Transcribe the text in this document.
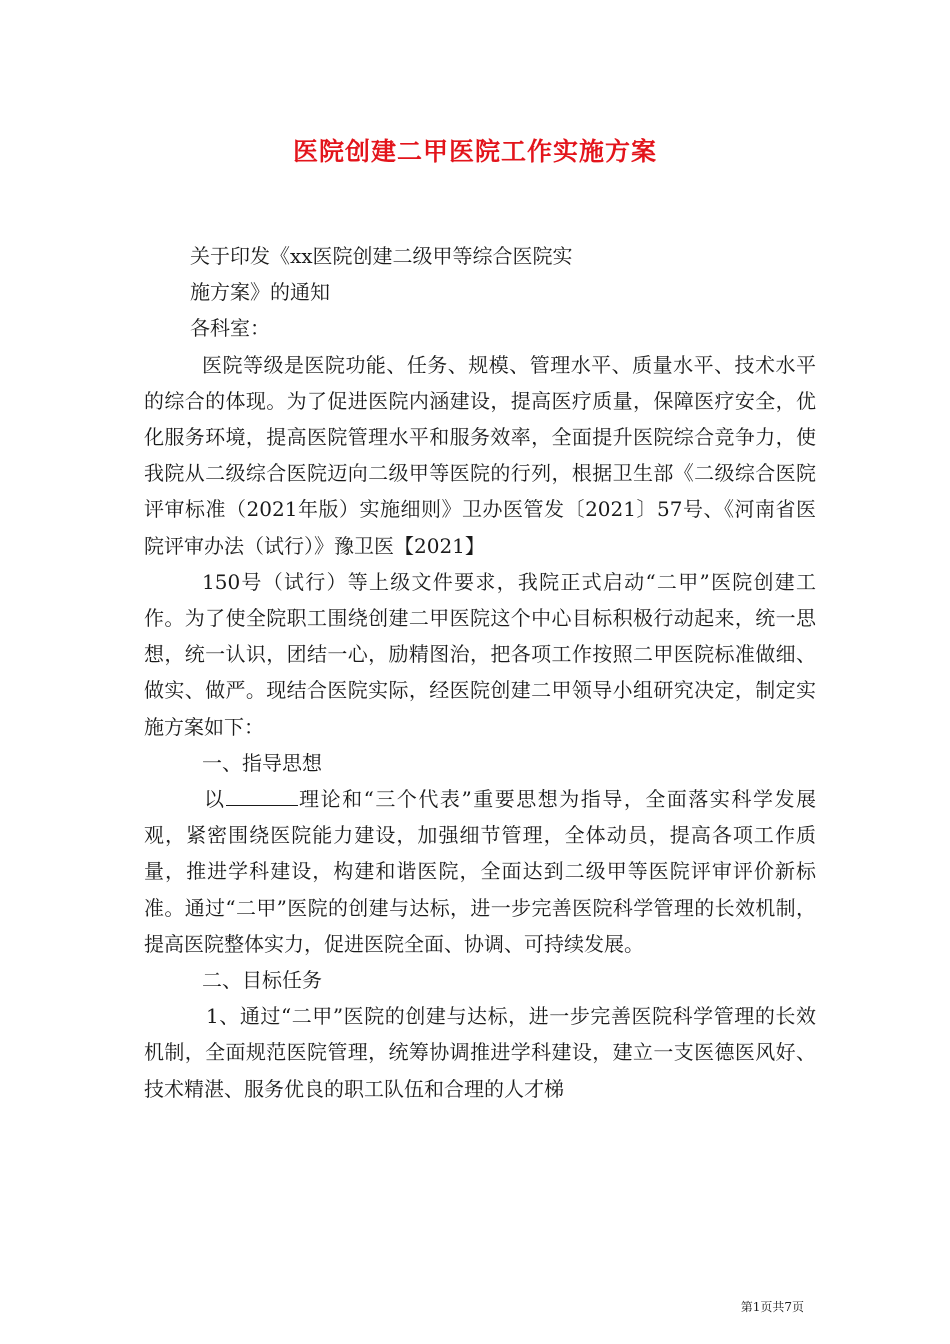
医院创建二甲医院工作实施方案

关于印发《xx医院创建二级甲等综合医院实

施方案》的通知

各科室：

医院等级是医院功能、任务、规模、管理水平、质量水平、技术水平的综合的体现。为了促进医院内涵建设，提高医疗质量，保障医疗安全，优化服务环境，提高医院管理水平和服务效率，全面提升医院综合竞争力，使我院从二级综合医院迈向二级甲等医院的行列，根据卫生部《二级综合医院评审标准（2021年版）实施细则》卫办医管发〔2021〕57号、《河南省医院评审办法（试行）》豫卫医【2021】

150号（试行）等上级文件要求，我院正式启动“二甲”医院创建工作。为了使全院职工围绕创建二甲医院这个中心目标积极行动起来，统一思想，统一认识，团结一心，励精图治，把各项工作按照二甲医院标准做细、做实、做严。现结合医院实际，经医院创建二甲领导小组研究决定，制定实施方案如下：

一、指导思想

以	理论和“三个代表”重要思想为指导，全面落实科学发展观，紧密围绕医院能力建设，加强细节管理，全体动员，提高各项工作质量，推进学科建设，构建和谐医院，全面达到二级甲等医院评审评价新标准。通过“二甲”医院的创建与达标，进一步完善医院科学管理的长效机制，提高医院整体实力，促进医院全面、协调、可持续发展。

二、目标任务

1、通过“二甲”医院的创建与达标，进一步完善医院科学管理的长效机制，全面规范医院管理，统筹协调推进学科建设，建立一支医德医风好、技术精湛、服务优良的职工队伍和合理的人才梯

第1页共7页
